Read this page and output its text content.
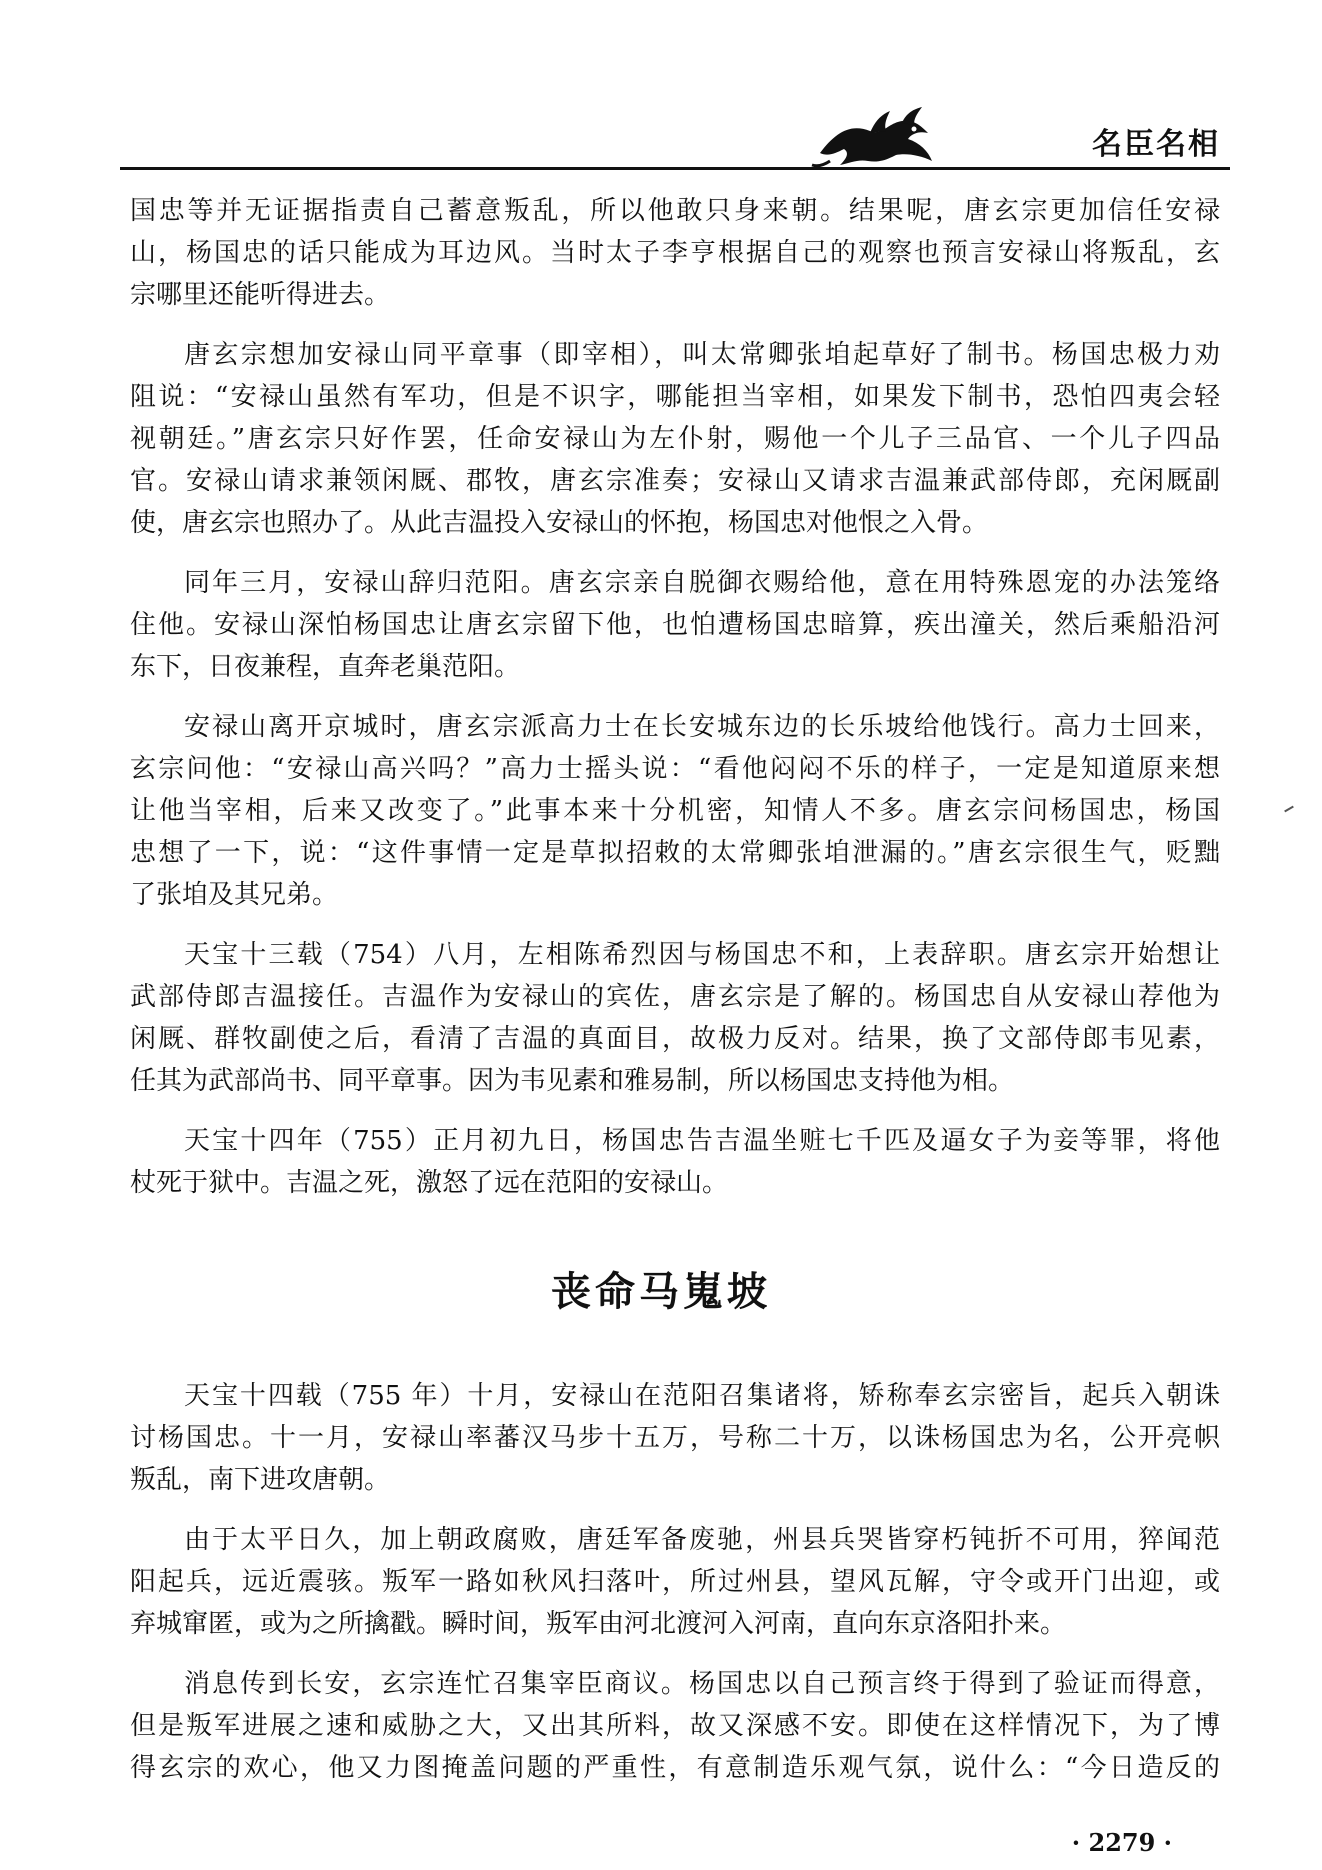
名臣名相
国忠等并无证据指责自己蓄意叛乱，所以他敢只身来朝。结果呢，唐玄宗更加信任安禄
山，杨国忠的话只能成为耳边风。当时太子李亨根据自己的观察也预言安禄山将叛乱，玄
宗哪里还能听得进去。
唐玄宗想加安禄山同平章事（即宰相），叫太常卿张垍起草好了制书。杨国忠极力劝
阻说：“安禄山虽然有军功，但是不识字，哪能担当宰相，如果发下制书，恐怕四夷会轻
视朝廷。”唐玄宗只好作罢，任命安禄山为左仆射，赐他一个儿子三品官、一个儿子四品
官。安禄山请求兼领闲厩、郡牧，唐玄宗准奏；安禄山又请求吉温兼武部侍郎，充闲厩副
使，唐玄宗也照办了。从此吉温投入安禄山的怀抱，杨国忠对他恨之入骨。
同年三月，安禄山辞归范阳。唐玄宗亲自脱御衣赐给他，意在用特殊恩宠的办法笼络
住他。安禄山深怕杨国忠让唐玄宗留下他，也怕遭杨国忠暗算，疾出潼关，然后乘船沿河
东下，日夜兼程，直奔老巢范阳。
安禄山离开京城时，唐玄宗派高力士在长安城东边的长乐坡给他饯行。高力士回来，
玄宗问他：“安禄山高兴吗？”高力士摇头说：“看他闷闷不乐的样子，一定是知道原来想
让他当宰相，后来又改变了。”此事本来十分机密，知情人不多。唐玄宗问杨国忠，杨国
忠想了一下，说：“这件事情一定是草拟招敕的太常卿张垍泄漏的。”唐玄宗很生气，贬黜
了张垍及其兄弟。
天宝十三载（754）八月，左相陈希烈因与杨国忠不和，上表辞职。唐玄宗开始想让
武部侍郎吉温接任。吉温作为安禄山的宾佐，唐玄宗是了解的。杨国忠自从安禄山荐他为
闲厩、群牧副使之后，看清了吉温的真面目，故极力反对。结果，换了文部侍郎韦见素，
任其为武部尚书、同平章事。因为韦见素和雅易制，所以杨国忠支持他为相。
天宝十四年（755）正月初九日，杨国忠告吉温坐赃七千匹及逼女子为妾等罪，将他
杖死于狱中。吉温之死，激怒了远在范阳的安禄山。
丧命马嵬坡
天宝十四载（755 年）十月，安禄山在范阳召集诸将，矫称奉玄宗密旨，起兵入朝诛
讨杨国忠。十一月，安禄山率蕃汉马步十五万，号称二十万，以诛杨国忠为名，公开亮帜
叛乱，南下进攻唐朝。
由于太平日久，加上朝政腐败，唐廷军备废驰，州县兵哭皆穿朽钝折不可用，猝闻范
阳起兵，远近震骇。叛军一路如秋风扫落叶，所过州县，望风瓦解，守令或开门出迎，或
弃城窜匿，或为之所擒戳。瞬时间，叛军由河北渡河入河南，直向东京洛阳扑来。
消息传到长安，玄宗连忙召集宰臣商议。杨国忠以自己预言终于得到了验证而得意，
但是叛军进展之速和威胁之大，又出其所料，故又深感不安。即使在这样情况下，为了博
得玄宗的欢心，他又力图掩盖问题的严重性，有意制造乐观气氛，说什么：“今日造反的
· 2279 ·
